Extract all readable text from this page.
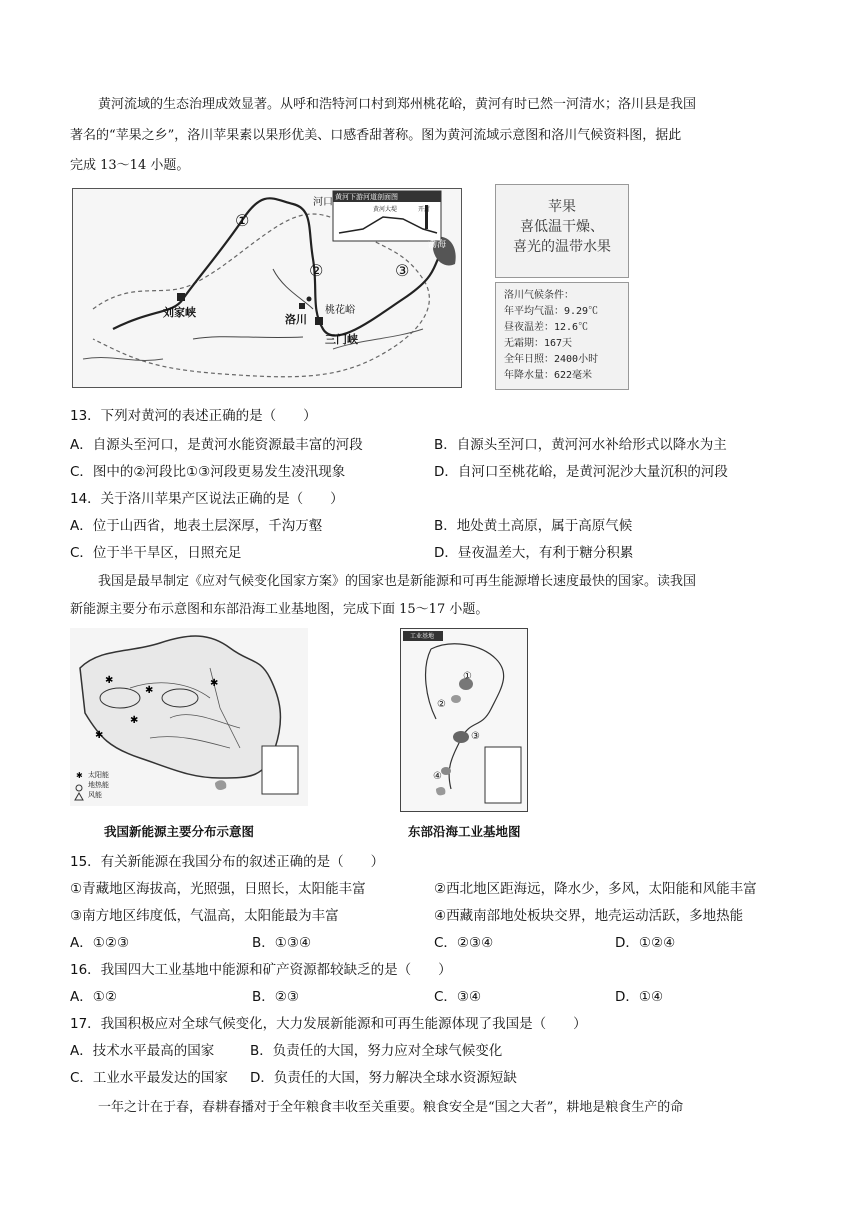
黄河流域的生态治理成效显著。从呼和浩特河口村到郑州桃花峪，黄河有时已然一河清水；洛川县是我国
著名的“苹果之乡”，洛川苹果素以果形优美、口感香甜著称。图为黄河流域示意图和洛川气候资料图，据此
完成 13～14 小题。
黄河下游河道剖面图
开封
黄河大堤
河口
刘家峡
洛川
桃花峪
三门峡
渤海
①
②	③
苹果
喜低温干燥、
喜光的温带水果
洛川气候条件：
年平均气温：9.29℃
昼夜温差：12.6℃
无霜期：167天
全年日照：2400小时
年降水量：622毫米
13．下列对黄河的表述正确的是（　　）
A．自源头至河口，是黄河水能资源最丰富的河段	B．自源头至河口，黄河河水补给形式以降水为主
C．图中的②河段比①③河段更易发生凌汛现象	D．自河口至桃花峪，是黄河泥沙大量沉积的河段
14．关于洛川苹果产区说法正确的是（　　）
A．位于山西省，地表土层深厚，千沟万壑	B．地处黄土高原，属于高原气候
C．位于半干旱区，日照充足	D．昼夜温差大，有利于糖分积累
我国是最早制定《应对气候变化国家方案》的国家也是新能源和可再生能源增长速度最快的国家。读我国
新能源主要分布示意图和东部沿海工业基地图，完成下面 15～17 小题。
✱
✱
✱
✱
✱
✱ 太阳能
地热能
风能
我国新能源主要分布示意图
工业基地
①
②
③
④
东部沿海工业基地图
15．有关新能源在我国分布的叙述正确的是（　　）
①青藏地区海拔高，光照强，日照长，太阳能丰富	②西北地区距海远，降水少，多风，太阳能和风能丰富
③南方地区纬度低，气温高，太阳能最为丰富	④西藏南部地处板块交界，地壳运动活跃，多地热能
A．①②③	B．①③④	C．②③④	D．①②④
16．我国四大工业基地中能源和矿产资源都较缺乏的是（　　）
A．①②	B．②③	C．③④	D．①④
17．我国积极应对全球气候变化，大力发展新能源和可再生能源体现了我国是（　　）
A．技术水平最高的国家	B．负责任的大国，努力应对全球气候变化
C．工业水平最发达的国家 D．负责任的大国，努力解决全球水资源短缺
一年之计在于春，春耕春播对于全年粮食丰收至关重要。粮食安全是“国之大者”，耕地是粮食生产的命
